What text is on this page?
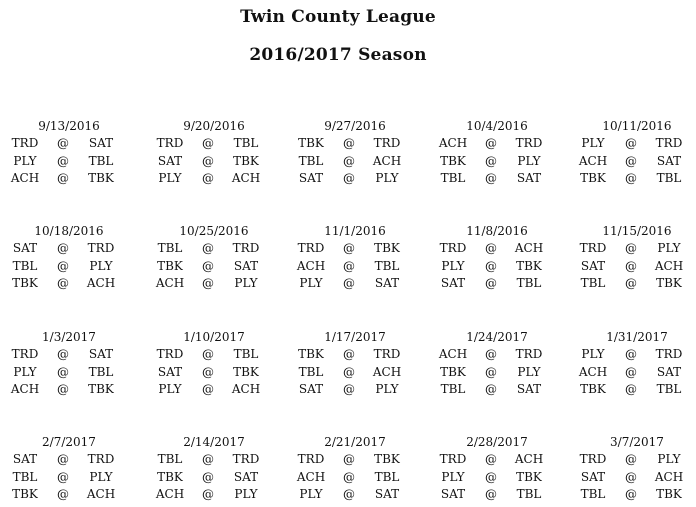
Twin County League
2016/2017 Season
9/13/2016
TRD	@	SAT
PLY	@	TBL
ACH	@	TBK
9/20/2016
TRD	@	TBL
SAT	@	TBK
PLY	@	ACH
9/27/2016
TBK	@	TRD
TBL	@	ACH
SAT	@	PLY
10/4/2016
ACH	@	TRD
TBK	@	PLY
TBL	@	SAT
10/11/2016
PLY	@	TRD
ACH	@	SAT
TBK	@	TBL
10/18/2016
SAT	@	TRD
TBL	@	PLY
TBK	@	ACH
10/25/2016
TBL	@	TRD
TBK	@	SAT
ACH	@	PLY
11/1/2016
TRD	@	TBK
ACH	@	TBL
PLY	@	SAT
11/8/2016
TRD	@	ACH
PLY	@	TBK
SAT	@	TBL
11/15/2016
TRD	@	PLY
SAT	@	ACH
TBL	@	TBK
1/3/2017
TRD	@	SAT
PLY	@	TBL
ACH	@	TBK
1/10/2017
TRD	@	TBL
SAT	@	TBK
PLY	@	ACH
1/17/2017
TBK	@	TRD
TBL	@	ACH
SAT	@	PLY
1/24/2017
ACH	@	TRD
TBK	@	PLY
TBL	@	SAT
1/31/2017
PLY	@	TRD
ACH	@	SAT
TBK	@	TBL
2/7/2017
SAT	@	TRD
TBL	@	PLY
TBK	@	ACH
2/14/2017
TBL	@	TRD
TBK	@	SAT
ACH	@	PLY
2/21/2017
TRD	@	TBK
ACH	@	TBL
PLY	@	SAT
2/28/2017
TRD	@	ACH
PLY	@	TBK
SAT	@	TBL
3/7/2017
TRD	@	PLY
SAT	@	ACH
TBL	@	TBK
